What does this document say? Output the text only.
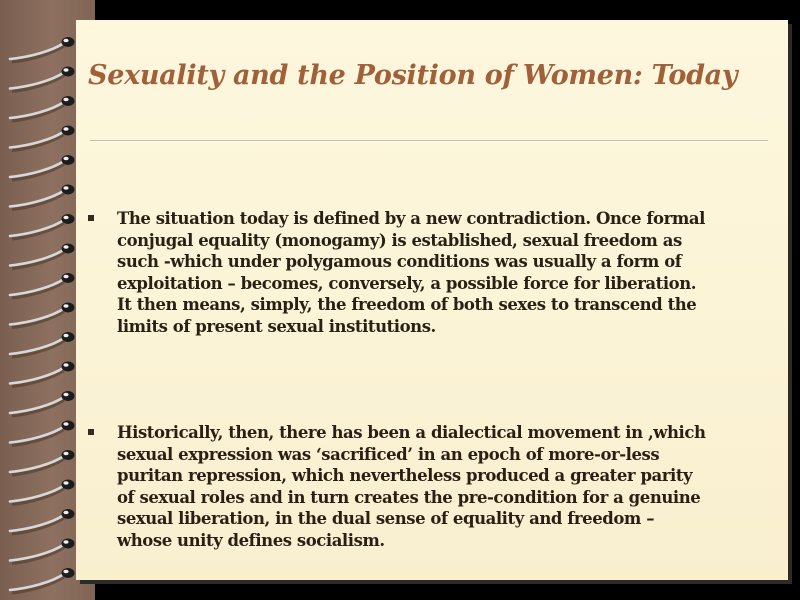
Sexuality and the Position of Women: Today
The situation today is defined by a new contradiction. Once formal
conjugal equality (monogamy) is established, sexual freedom as
such -which under polygamous conditions was usually a form of
exploitation – becomes, conversely, a possible force for liberation.
It then means, simply, the freedom of both sexes to transcend the
limits of present sexual institutions.
Historically, then, there has been a dialectical movement in ,which
sexual expression was ‘sacrificed’ in an epoch of more-or-less
puritan repression, which nevertheless produced a greater parity
of sexual roles and in turn creates the pre-condition for a genuine
sexual liberation, in the dual sense of equality and freedom –
whose unity defines socialism.
